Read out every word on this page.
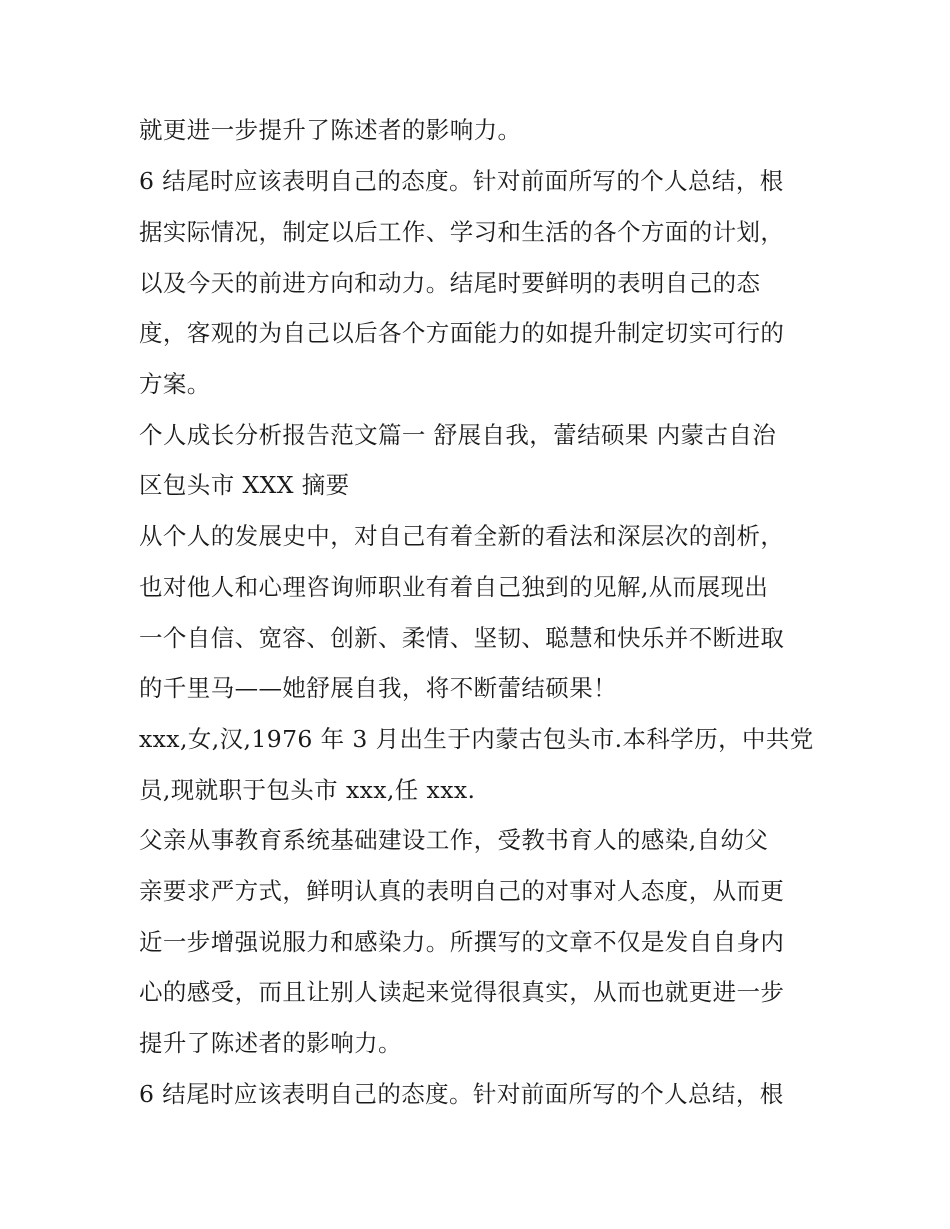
就更进一步提升了陈述者的影响力。
6 结尾时应该表明自己的态度。针对前面所写的个人总结，根
据实际情况，制定以后工作、学习和生活的各个方面的计划，
以及今天的前进方向和动力。结尾时要鲜明的表明自己的态
度，客观的为自己以后各个方面能力的如提升制定切实可行的
方案。
个人成长分析报告范文篇一 舒展自我，蕾结硕果 内蒙古自治
区包头市 XXX 摘要
从个人的发展史中，对自己有着全新的看法和深层次的剖析，
也对他人和心理咨询师职业有着自己独到的见解,从而展现出
一个自信、宽容、创新、柔情、坚韧、聪慧和快乐并不断进取
的千里马——她舒展自我，将不断蕾结硕果！
xxx,女,汉,1976 年 3 月出生于内蒙古包头市.本科学历，中共党
员,现就职于包头市 xxx,任 xxx.
父亲从事教育系统基础建设工作，受教书育人的感染,自幼父
亲要求严方式，鲜明认真的表明自己的对事对人态度，从而更
近一步增强说服力和感染力。所撰写的文章不仅是发自自身内
心的感受，而且让别人读起来觉得很真实，从而也就更进一步
提升了陈述者的影响力。
6 结尾时应该表明自己的态度。针对前面所写的个人总结，根
